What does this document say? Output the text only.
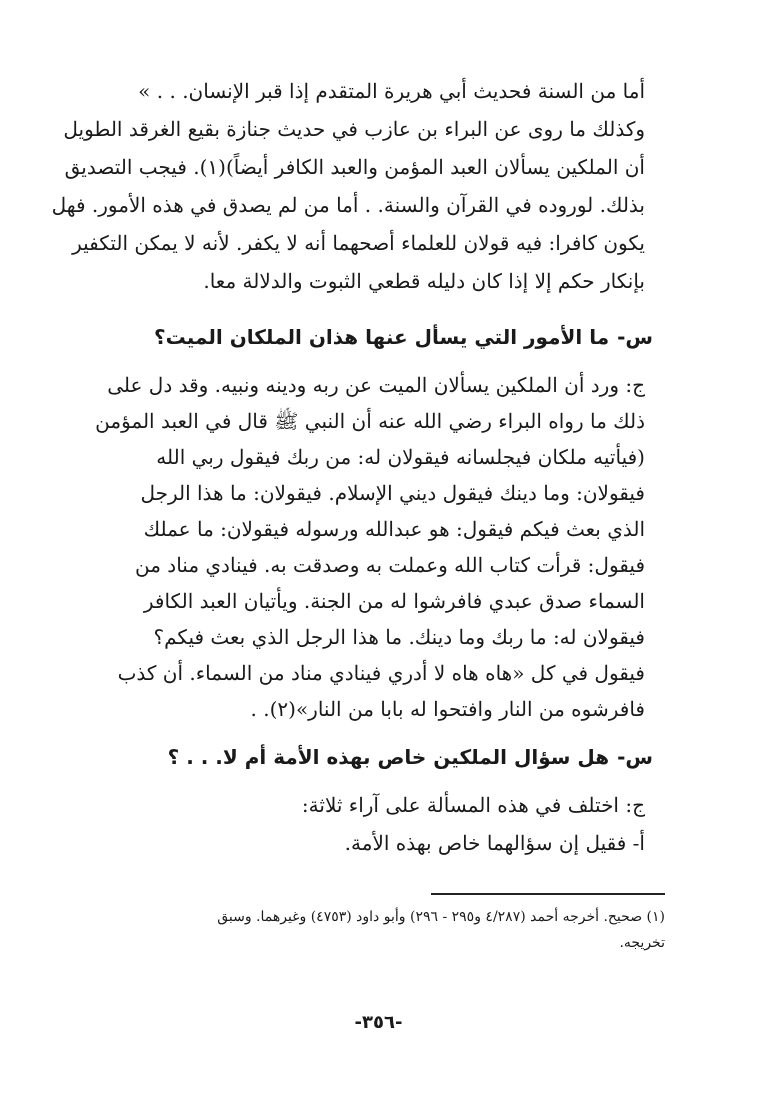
أما من السنة فحديث أبي هريرة المتقدم إذا قبر الإنسان. . . »
وكذلك ما روى عن البراء بن عازب في حديث جنازة بقيع الغرقد الطويل
أن الملكين يسألان العبد المؤمن والعبد الكافر أيضاً)(١). فيجب التصديق
بذلك. لوروده في القرآن والسنة. . أما من لم يصدق في هذه الأمور. فهل
يكون كافرا: فيه قولان للعلماء أصحهما أنه لا يكفر. لأنه لا يمكن التكفير
بإنكار حكم إلا إذا كان دليله قطعي الثبوت والدلالة معا.
س-ما الأمور التي يسأل عنها هذان الملكان الميت؟
ج: ورد أن الملكين يسألان الميت عن ربه ودينه ونبيه. وقد دل على
ذلك ما رواه البراء رضي الله عنه أن النبي ﷺ قال في العبد المؤمن
(فيأتيه ملكان فيجلسانه فيقولان له: من ربك فيقول ربي الله
فيقولان: وما دينك فيقول ديني الإسلام. فيقولان: ما هذا الرجل
الذي بعث فيكم فيقول: هو عبدالله ورسوله فيقولان: ما عملك
فيقول: قرأت كتاب الله وعملت به وصدقت به. فينادي مناد من
السماء صدق عبدي فافرشوا له من الجنة. ويأتيان العبد الكافر
فيقولان له: ما ربك وما دينك. ما هذا الرجل الذي بعث فيكم؟
فيقول في كل «هاه هاه لا أدري فينادي مناد من السماء. أن كذب
فافرشوه من النار وافتحوا له بابا من النار»(٢). .
س-هل سؤال الملكين خاص بهذه الأمة أم لا. . . ؟
ج: اختلف في هذه المسألة على آراء ثلاثة:
أ- فقيل إن سؤالهما خاص بهذه الأمة.
(١) صحيح. أخرجه أحمد (٤/٢٨٧ و٢٩٥ - ٢٩٦) وأبو داود (٤٧٥٣) وغيرهما. وسبق
تخريجه.
-٣٥٦-
